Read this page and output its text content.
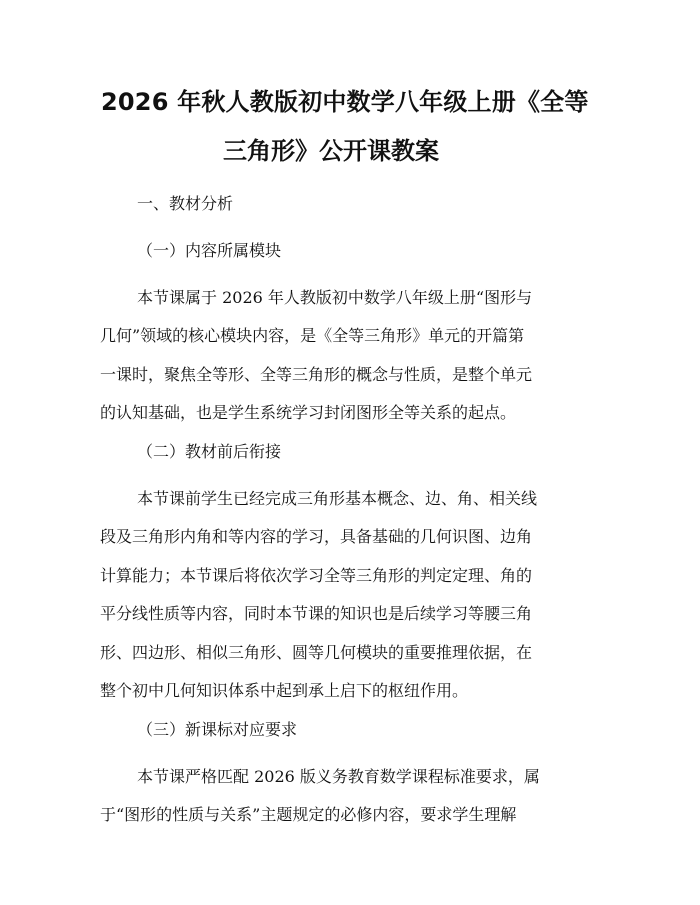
2026 年秋人教版初中数学八年级上册《全等
三角形》公开课教案
一、教材分析
（一）内容所属模块
本节课属于 2026 年人教版初中数学八年级上册“图形与
几何”领域的核心模块内容，是《全等三角形》单元的开篇第
一课时，聚焦全等形、全等三角形的概念与性质，是整个单元
的认知基础，也是学生系统学习封闭图形全等关系的起点。
（二）教材前后衔接
本节课前学生已经完成三角形基本概念、边、角、相关线
段及三角形内角和等内容的学习，具备基础的几何识图、边角
计算能力；本节课后将依次学习全等三角形的判定定理、角的
平分线性质等内容，同时本节课的知识也是后续学习等腰三角
形、四边形、相似三角形、圆等几何模块的重要推理依据，在
整个初中几何知识体系中起到承上启下的枢纽作用。
（三）新课标对应要求
本节课严格匹配 2026 版义务教育数学课程标准要求，属
于“图形的性质与关系”主题规定的必修内容，要求学生理解
